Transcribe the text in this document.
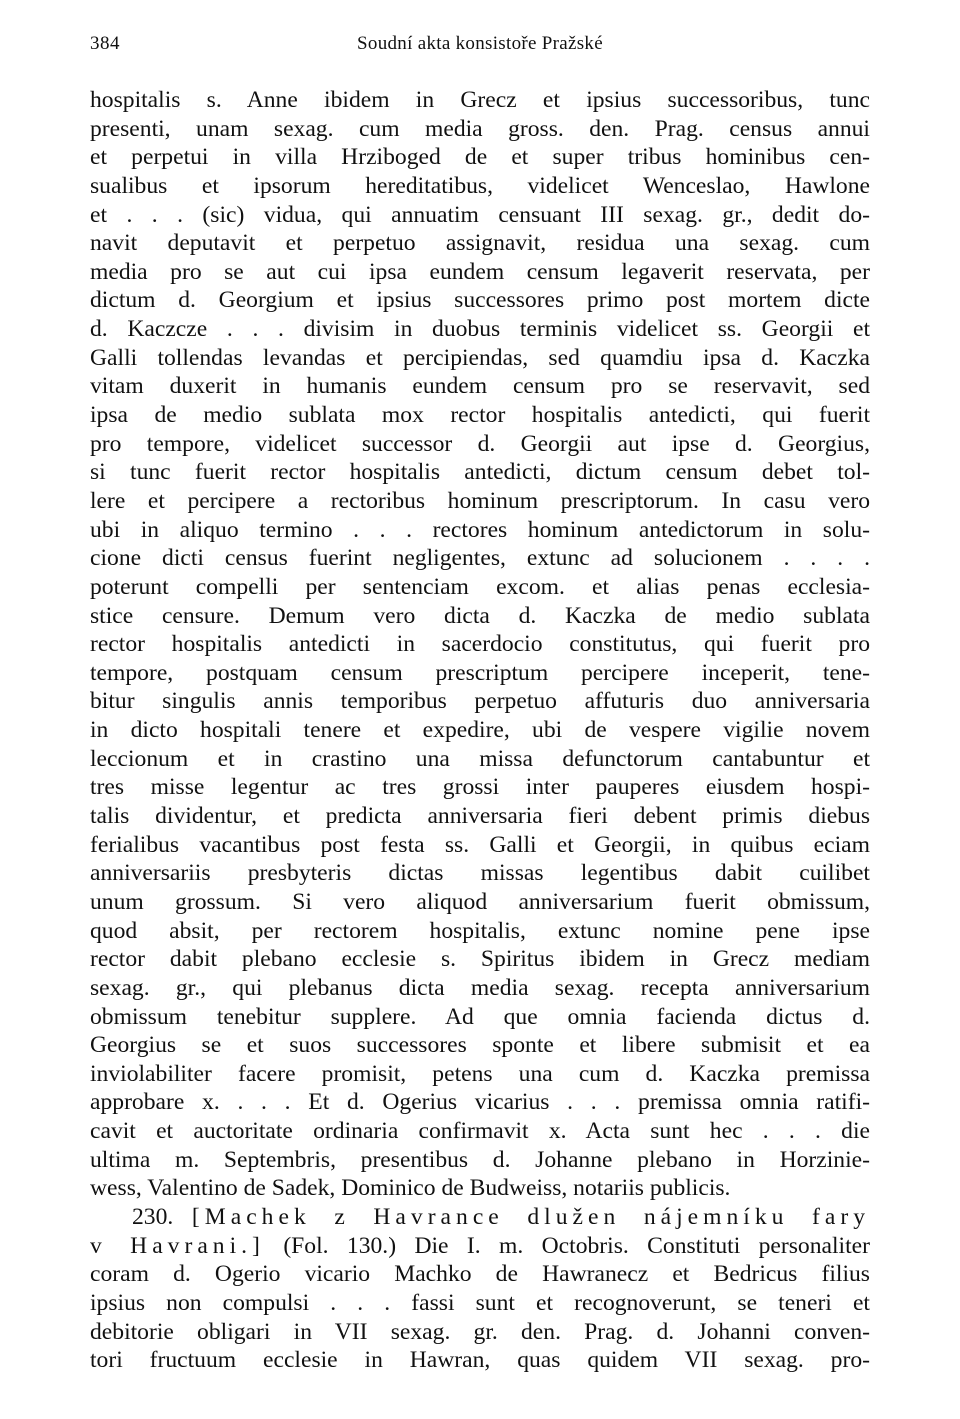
384	Soudní akta konsistoře Pražské
hospitalis s. Anne ibidem in Grecz et ipsius successoribus, tunc
presenti, unam sexag. cum media gross. den. Prag. census annui
et perpetui in villa Hrziboged de et super tribus hominibus cen-
sualibus et ipsorum hereditatibus, videlicet Wenceslao, Hawlone
et . . . (sic) vidua, qui annuatim censuant III sexag. gr., dedit do-
navit deputavit et perpetuo assignavit, residua una sexag. cum
media pro se aut cui ipsa eundem censum legaverit reservata, per
dictum d. Georgium et ipsius successores primo post mortem dicte
d. Kaczcze . . . divisim in duobus terminis videlicet ss. Georgii et
Galli tollendas levandas et percipiendas, sed quamdiu ipsa d. Kaczka
vitam duxerit in humanis eundem censum pro se reservavit, sed
ipsa de medio sublata mox rector hospitalis antedicti, qui fuerit
pro tempore, videlicet successor d. Georgii aut ipse d. Georgius,
si tunc fuerit rector hospitalis antedicti, dictum censum debet tol-
lere et percipere a rectoribus hominum prescriptorum. In casu vero
ubi in aliquo termino . . . rectores hominum antedictorum in solu-
cione dicti census fuerint negligentes, extunc ad solucionem . . . .
poterunt compelli per sentenciam excom. et alias penas ecclesia-
stice censure. Demum vero dicta d. Kaczka de medio sublata
rector hospitalis antedicti in sacerdocio constitutus, qui fuerit pro
tempore, postquam censum prescriptum percipere inceperit, tene-
bitur singulis annis temporibus perpetuo affuturis duo anniversaria
in dicto hospitali tenere et expedire, ubi de vespere vigilie novem
leccionum et in crastino una missa defunctorum cantabuntur et
tres misse legentur ac tres grossi inter pauperes eiusdem hospi-
talis dividentur, et predicta anniversaria fieri debent primis diebus
ferialibus vacantibus post festa ss. Galli et Georgii, in quibus eciam
anniversariis presbyteris dictas missas legentibus dabit cuilibet
unum grossum. Si vero aliquod anniversarium fuerit obmissum,
quod absit, per rectorem hospitalis, extunc nomine pene ipse
rector dabit plebano ecclesie s. Spiritus ibidem in Grecz mediam
sexag. gr., qui plebanus dicta media sexag. recepta anniversarium
obmissum tenebitur supplere. Ad que omnia facienda dictus d.
Georgius se et suos successores sponte et libere submisit et ea
inviolabiliter facere promisit, petens una cum d. Kaczka premissa
approbare x. . . . Et d. Ogerius vicarius . . . premissa omnia ratifi-
cavit et auctoritate ordinaria confirmavit x. Acta sunt hec . . . die
ultima m. Septembris, presentibus d. Johanne plebano in Horzinie-
wess, Valentino de Sadek, Dominico de Budweiss, notariis publicis.
230. [Machek z Havrance dlužen nájemníku fary
v Havrani.] (Fol. 130.) Die I. m. Octobris. Constituti personaliter
coram d. Ogerio vicario Machko de Hawranecz et Bedricus filius
ipsius non compulsi . . . fassi sunt et recognoverunt, se teneri et
debitorie obligari in VII sexag. gr. den. Prag. d. Johanni conven-
tori fructuum ecclesie in Hawran, quas quidem VII sexag. pro-
